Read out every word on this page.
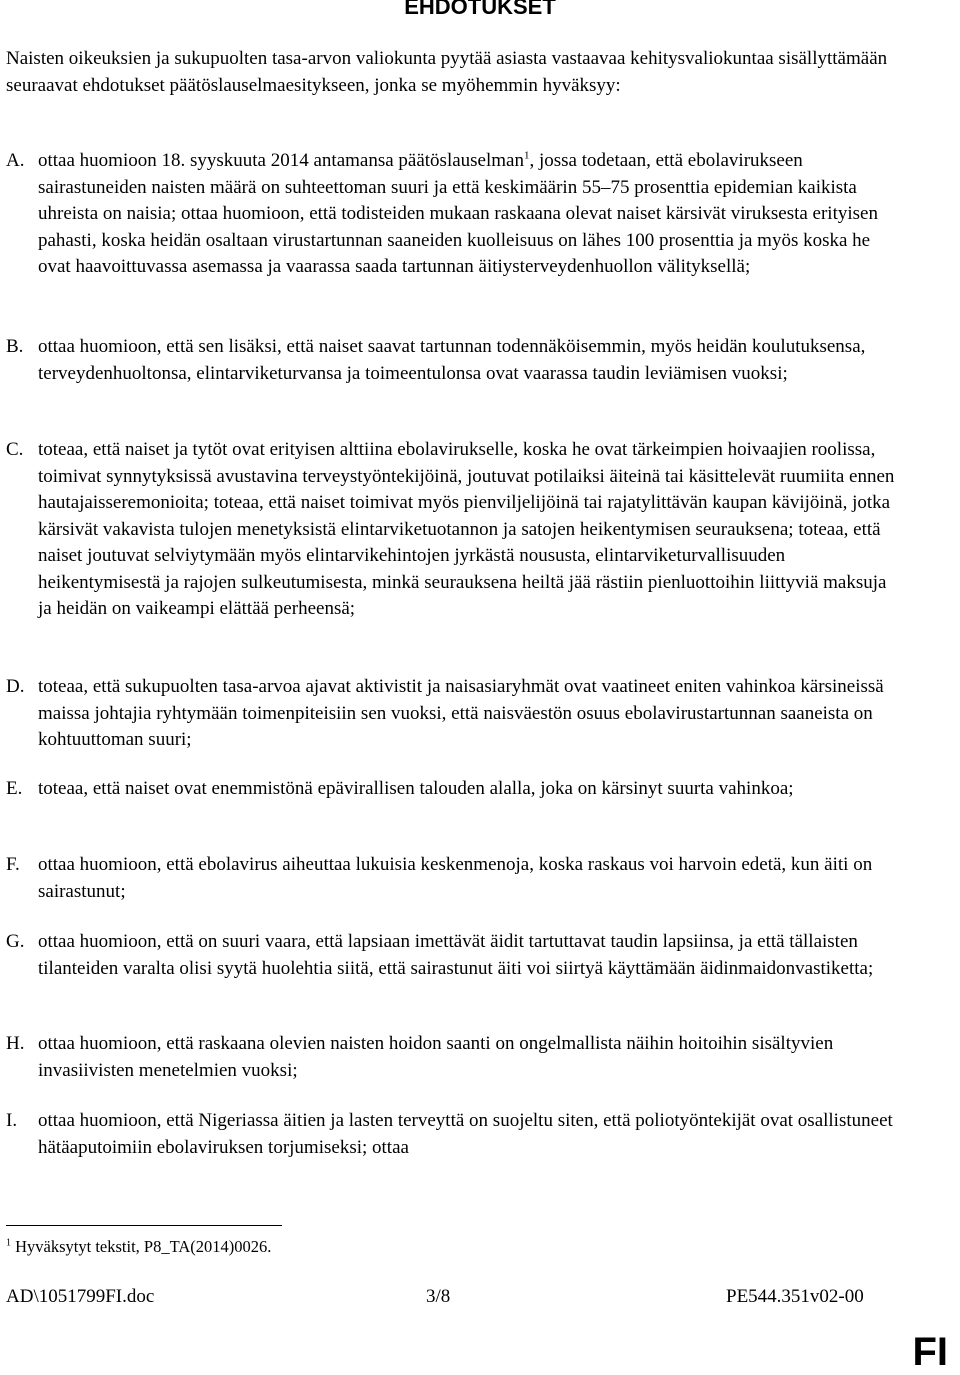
EHDOTUKSET
Naisten oikeuksien ja sukupuolten tasa-arvon valiokunta pyytää asiasta vastaavaa kehitysvaliokuntaa sisällyttämään seuraavat ehdotukset päätöslauselmaesitykseen, jonka se myöhemmin hyväksyy:
A. ottaa huomioon 18. syyskuuta 2014 antamansa päätöslauselman$^1$, jossa todetaan, että ebolavirukseen sairastuneiden naisten määrä on suhteettoman suuri ja että keskimäärin 55–75 prosenttia epidemian kaikista uhreista on naisia; ottaa huomioon, että todisteiden mukaan raskaana olevat naiset kärsivät viruksesta erityisen pahasti, koska heidän osaltaan virustartunnan saaneiden kuolleisuus on lähes 100 prosenttia ja myös koska he ovat haavoittuvassa asemassa ja vaarassa saada tartunnan äitiysterveydenhuollon välityksellä;
B. ottaa huomioon, että sen lisäksi, että naiset saavat tartunnan todennäköisemmin, myös heidän koulutuksensa, terveydenhuoltonsa, elintarviketurvansa ja toimeentulonsa ovat vaarassa taudin leviämisen vuoksi;
C. toteaa, että naiset ja tytöt ovat erityisen alttiina ebolavirukselle, koska he ovat tärkeimpien hoivaajien roolissa, toimivat synnytyksissä avustavina terveystyöntekijöinä, joutuvat potilaiksi äiteinä tai käsittelevät ruumiita ennen hautajaisseremonioita; toteaa, että naiset toimivat myös pienviljelijöinä tai rajatylittävän kaupan kävijöinä, jotka kärsivät vakavista tulojen menetyksistä elintarviketuotannon ja satojen heikentymisen seurauksena; toteaa, että naiset joutuvat selviytymään myös elintarvikehintojen jyrkästä noususta, elintarviketurvallisuuden heikentymisestä ja rajojen sulkeutumisesta, minkä seurauksena heiltä jää rästiin pienluottoihin liittyviä maksuja ja heidän on vaikeampi elättää perheensä;
D. toteaa, että sukupuolten tasa-arvoa ajavat aktivistit ja naisasiaryhmät ovat vaatineet eniten vahinkoa kärsineissä maissa johtajia ryhtymään toimenpiteisiin sen vuoksi, että naisväestön osuus ebolavirustartunnan saaneista on kohtuuttoman suuri;
E. toteaa, että naiset ovat enemmistönä epävirallisen talouden alalla, joka on kärsinyt suurta vahinkoa;
F. ottaa huomioon, että ebolavirus aiheuttaa lukuisia keskenmenoja, koska raskaus voi harvoin edetä, kun äiti on sairastunut;
G. ottaa huomioon, että on suuri vaara, että lapsiaan imettävät äidit tartuttavat taudin lapsiinsa, ja että tällaisten tilanteiden varalta olisi syytä huolehtia siitä, että sairastunut äiti voi siirtyä käyttämään äidinmaidonvastiketta;
H. ottaa huomioon, että raskaana olevien naisten hoidon saanti on ongelmallista näihin hoitoihin sisältyvien invasiivisten menetelmien vuoksi;
I.	ottaa huomioon, että Nigeriassa äitien ja lasten terveyttä on suojeltu siten, että poliotyöntekijät ovat osallistuneet hätäaputoimiin ebolaviruksen torjumiseksi; ottaa
$^1$ Hyväksytyt tekstit, P8_TA(2014)0026.
AD\1051799FI.doc	3/8	PE544.351v02-00
FI
